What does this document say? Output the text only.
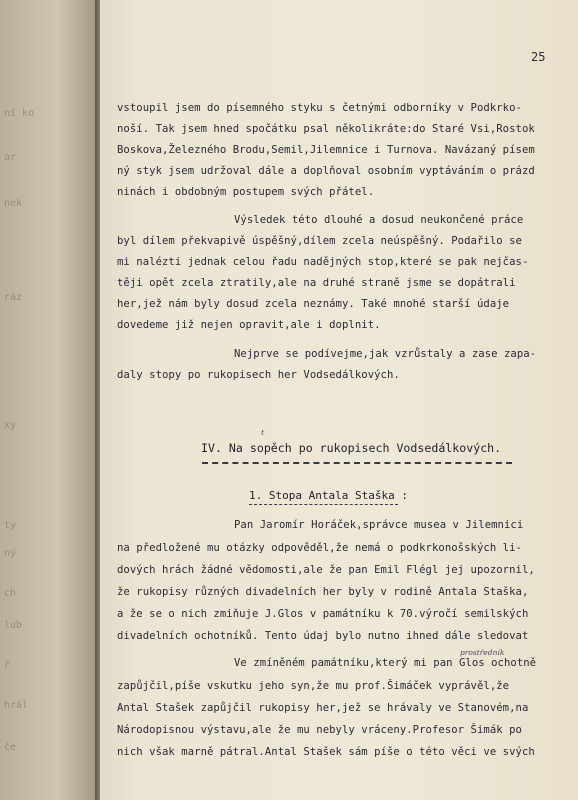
ní ko
ar
nek
ráz
xy
ty
ný
ch
lub
ř
hrál
če
25
vstoupil jsem do písemného styku s četnými odborníky v Podkrko-
noší. Tak jsem hned spočátku psal několikráte:do Staré Vsi,Rostok
Boskova,Železného Brodu,Semil,Jilemnice i Turnova. Navázaný písem
ný styk jsem udržoval dále a doplňoval osobním vyptáváním o prázd
ninách i obdobným postupem svých přátel.
Výsledek této dlouhé a dosud neukončené práce
byl dílem překvapivě úspěšný,dílem zcela neúspěšný. Podařilo se
mi nalézti jednak celou řadu nadějných stop,které se pak nejčas-
těji opět zcela ztratily,ale na druhé straně jsme se dopátrali
her,jež nám byly dosud zcela neznámy. Také mnohé starší údaje
dovedeme již nejen opravit,ale i doplnit.
Nejprve se podívejme,jak vzrůstaly a zase zapa-
daly stopy po rukopisech her Vodsedálkových.
t
IV. Na sopěch po rukopisech Vodsedálkových.
1. Stopa Antala Staška :
Pan Jaromír Horáček,správce musea v Jilemnici
na předložené mu otázky odpověděl,že nemá o podkrkonošských li-
dových hrách žádné vědomosti,ale že pan Emil Flégl jej upozornil,
že rukopisy různých divadelních her byly v rodině Antala Staška,
a že se o nich zmiňuje J.Glos v památníku k 70.výročí semilských
divadelních ochotníků. Tento údaj bylo nutno ihned dále sledovat
prostředník
Ve zmíněném památníku,který mi pan Glos ochotně
zapůjčil,píše vskutku jeho syn,že mu prof.Šimáček vyprávěl,že
Antal Stašek zapůjčil rukopisy her,jež se hrávaly ve Stanovém,na
Národopisnou výstavu,ale že mu nebyly vráceny.Profesor Šimák po
nich však marně pátral.Antal Stašek sám píše o této věci ve svých
